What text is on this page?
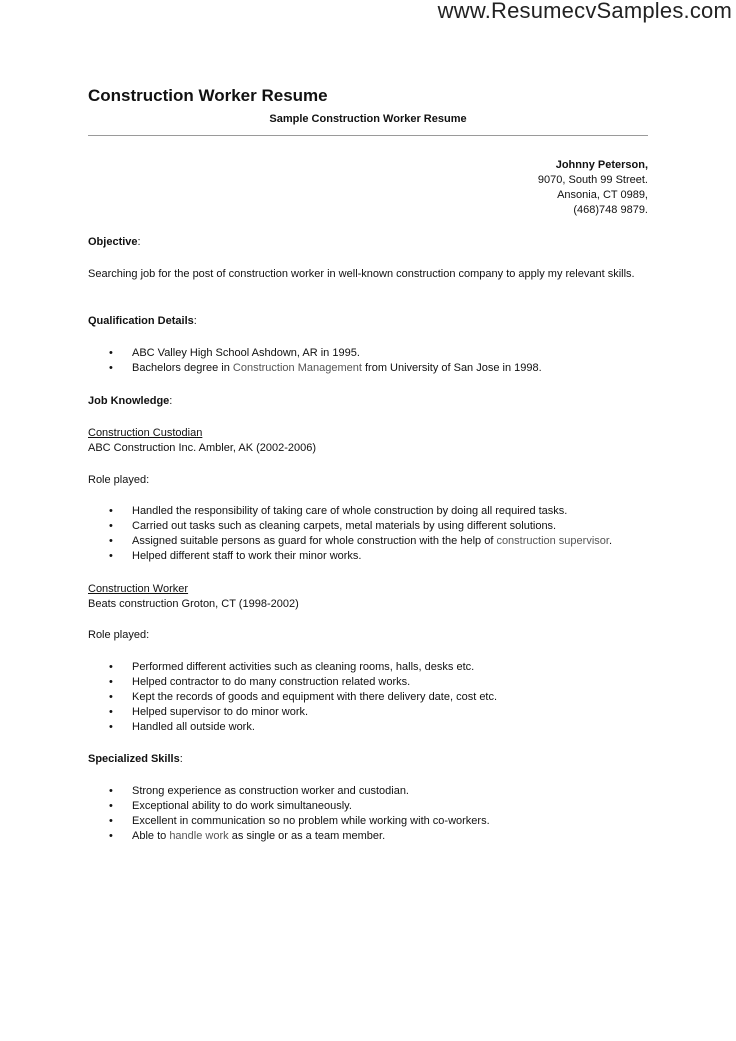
www.ResumecvSamples.com
Construction Worker Resume
Sample Construction Worker Resume
Johnny Peterson,
9070, South 99 Street.
Ansonia, CT 0989,
(468)748 9879.
Objective:
Searching job for the post of construction worker in well-known construction company to apply my relevant skills.
Qualification Details:
• ABC Valley High School Ashdown, AR in 1995.
• Bachelors degree in Construction Management from University of San Jose in 1998.
Job Knowledge:
Construction Custodian
ABC Construction Inc. Ambler, AK (2002-2006)
Role played:
• Handled the responsibility of taking care of whole construction by doing all required tasks.
• Carried out tasks such as cleaning carpets, metal materials by using different solutions.
• Assigned suitable persons as guard for whole construction with the help of construction supervisor.
• Helped different staff to work their minor works.
Construction Worker
Beats construction Groton, CT (1998-2002)
Role played:
• Performed different activities such as cleaning rooms, halls, desks etc.
• Helped contractor to do many construction related works.
• Kept the records of goods and equipment with there delivery date, cost etc.
• Helped supervisor to do minor work.
• Handled all outside work.
Specialized Skills:
• Strong experience as construction worker and custodian.
• Exceptional ability to do work simultaneously.
• Excellent in communication so no problem while working with co-workers.
• Able to handle work as single or as a team member.
